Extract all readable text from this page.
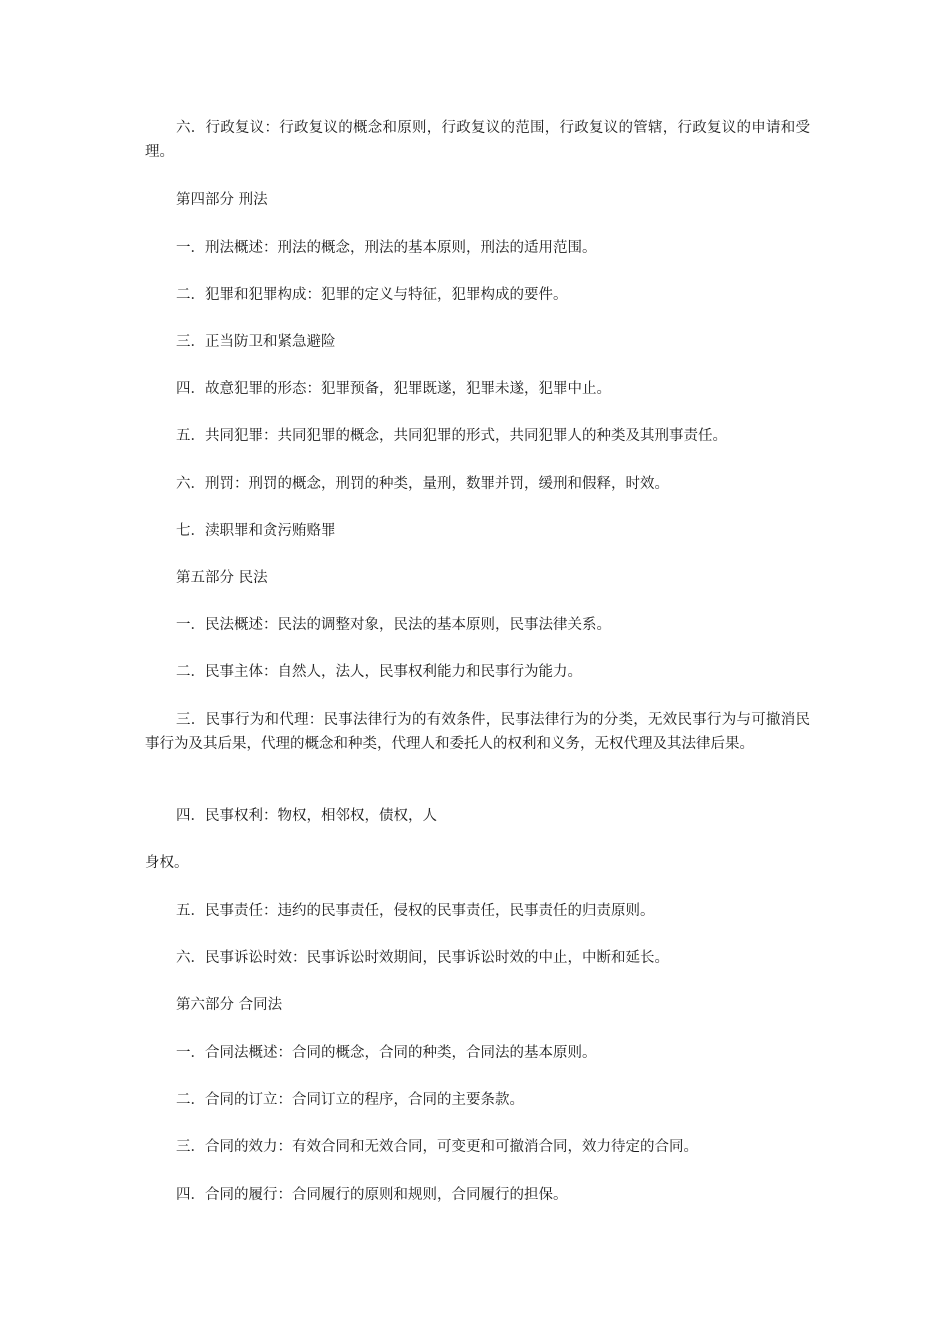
六．行政复议：行政复议的概念和原则，行政复议的范围，行政复议的管辖，行政复议的申请和受理。
第四部分 刑法
一．刑法概述：刑法的概念，刑法的基本原则，刑法的适用范围。
二．犯罪和犯罪构成：犯罪的定义与特征，犯罪构成的要件。
三．正当防卫和紧急避险
四．故意犯罪的形态：犯罪预备，犯罪既遂，犯罪未遂，犯罪中止。
五．共同犯罪：共同犯罪的概念，共同犯罪的形式，共同犯罪人的种类及其刑事责任。
六．刑罚：刑罚的概念，刑罚的种类，量刑，数罪并罚，缓刑和假释，时效。
七．渎职罪和贪污贿赂罪
第五部分 民法
一．民法概述：民法的调整对象，民法的基本原则，民事法律关系。
二．民事主体：自然人，法人，民事权利能力和民事行为能力。
三．民事行为和代理：民事法律行为的有效条件，民事法律行为的分类，无效民事行为与可撤消民事行为及其后果，代理的概念和种类，代理人和委托人的权利和义务，无权代理及其法律后果。
四．民事权利：物权，相邻权，债权，人
身权。
五．民事责任：违约的民事责任，侵权的民事责任，民事责任的归责原则。
六．民事诉讼时效：民事诉讼时效期间，民事诉讼时效的中止，中断和延长。
第六部分 合同法
一．合同法概述：合同的概念，合同的种类，合同法的基本原则。
二．合同的订立：合同订立的程序，合同的主要条款。
三．合同的效力：有效合同和无效合同，可变更和可撤消合同，效力待定的合同。
四．合同的履行：合同履行的原则和规则，合同履行的担保。
